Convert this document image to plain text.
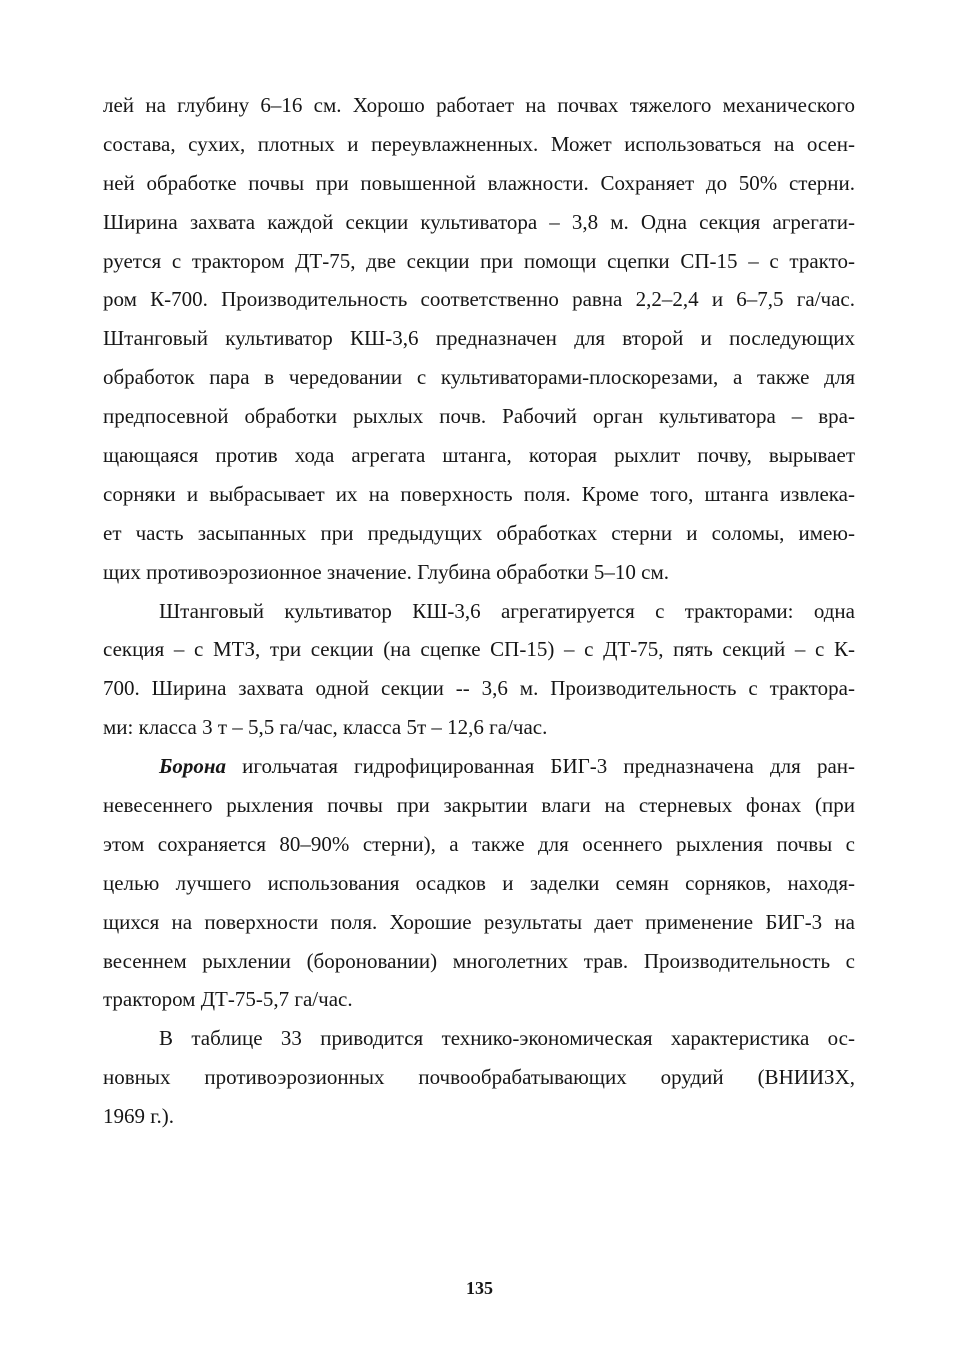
лей на глубину 6–16 см. Хорошо работает на почвах тяжелого механического
состава, сухих, плотных и переувлажненных. Может использоваться на осен-
ней обработке почвы при повышенной влажности. Сохраняет до 50% стерни.
Ширина захвата каждой секции культиватора – 3,8 м. Одна секция агрегати-
руется с трактором ДТ-75, две секции при помощи сцепки СП-15 – с тракто-
ром К-700. Производительность соответственно равна 2,2–2,4 и 6–7,5 га/час.
Штанговый культиватор КШ-3,6 предназначен для второй и последующих
обработок пара в чередовании с культиваторами-плоскорезами, а также для
предпосевной обработки рыхлых почв. Рабочий орган культиватора – вра-
щающаяся против хода агрегата штанга, которая рыхлит почву, вырывает
сорняки и выбрасывает их на поверхность поля. Кроме того, штанга извлека-
ет часть засыпанных при предыдущих обработках стерни и соломы, имею-
щих противоэрозионное значение. Глубина обработки 5–10 см.
Штанговый культиватор КШ-3,6 агрегатируется с тракторами: одна
секция – с МТЗ, три секции (на сцепке СП-15) – с ДТ-75, пять секций – с К-
700. Ширина захвата одной секции -- 3,6 м. Производительность с трактора-
ми: класса 3 т – 5,5 га/час, класса 5т – 12,6 га/час.
Борона игольчатая гидрофицированная БИГ-3 предназначена для ран-
невесеннего рыхления почвы при закрытии влаги на стерневых фонах (при
этом сохраняется 80–90% стерни), а также для осеннего рыхления почвы с
целью лучшего использования осадков и заделки семян сорняков, находя-
щихся на поверхности поля. Хорошие результаты дает применение БИГ-3 на
весеннем рыхлении (бороновании) многолетних трав. Производительность с
трактором ДТ-75-5,7 га/час.
В таблице 33 приводится технико-экономическая характеристика ос-
новных противоэрозионных почвообрабатывающих орудий (ВНИИЗХ,
1969 г.).
135
